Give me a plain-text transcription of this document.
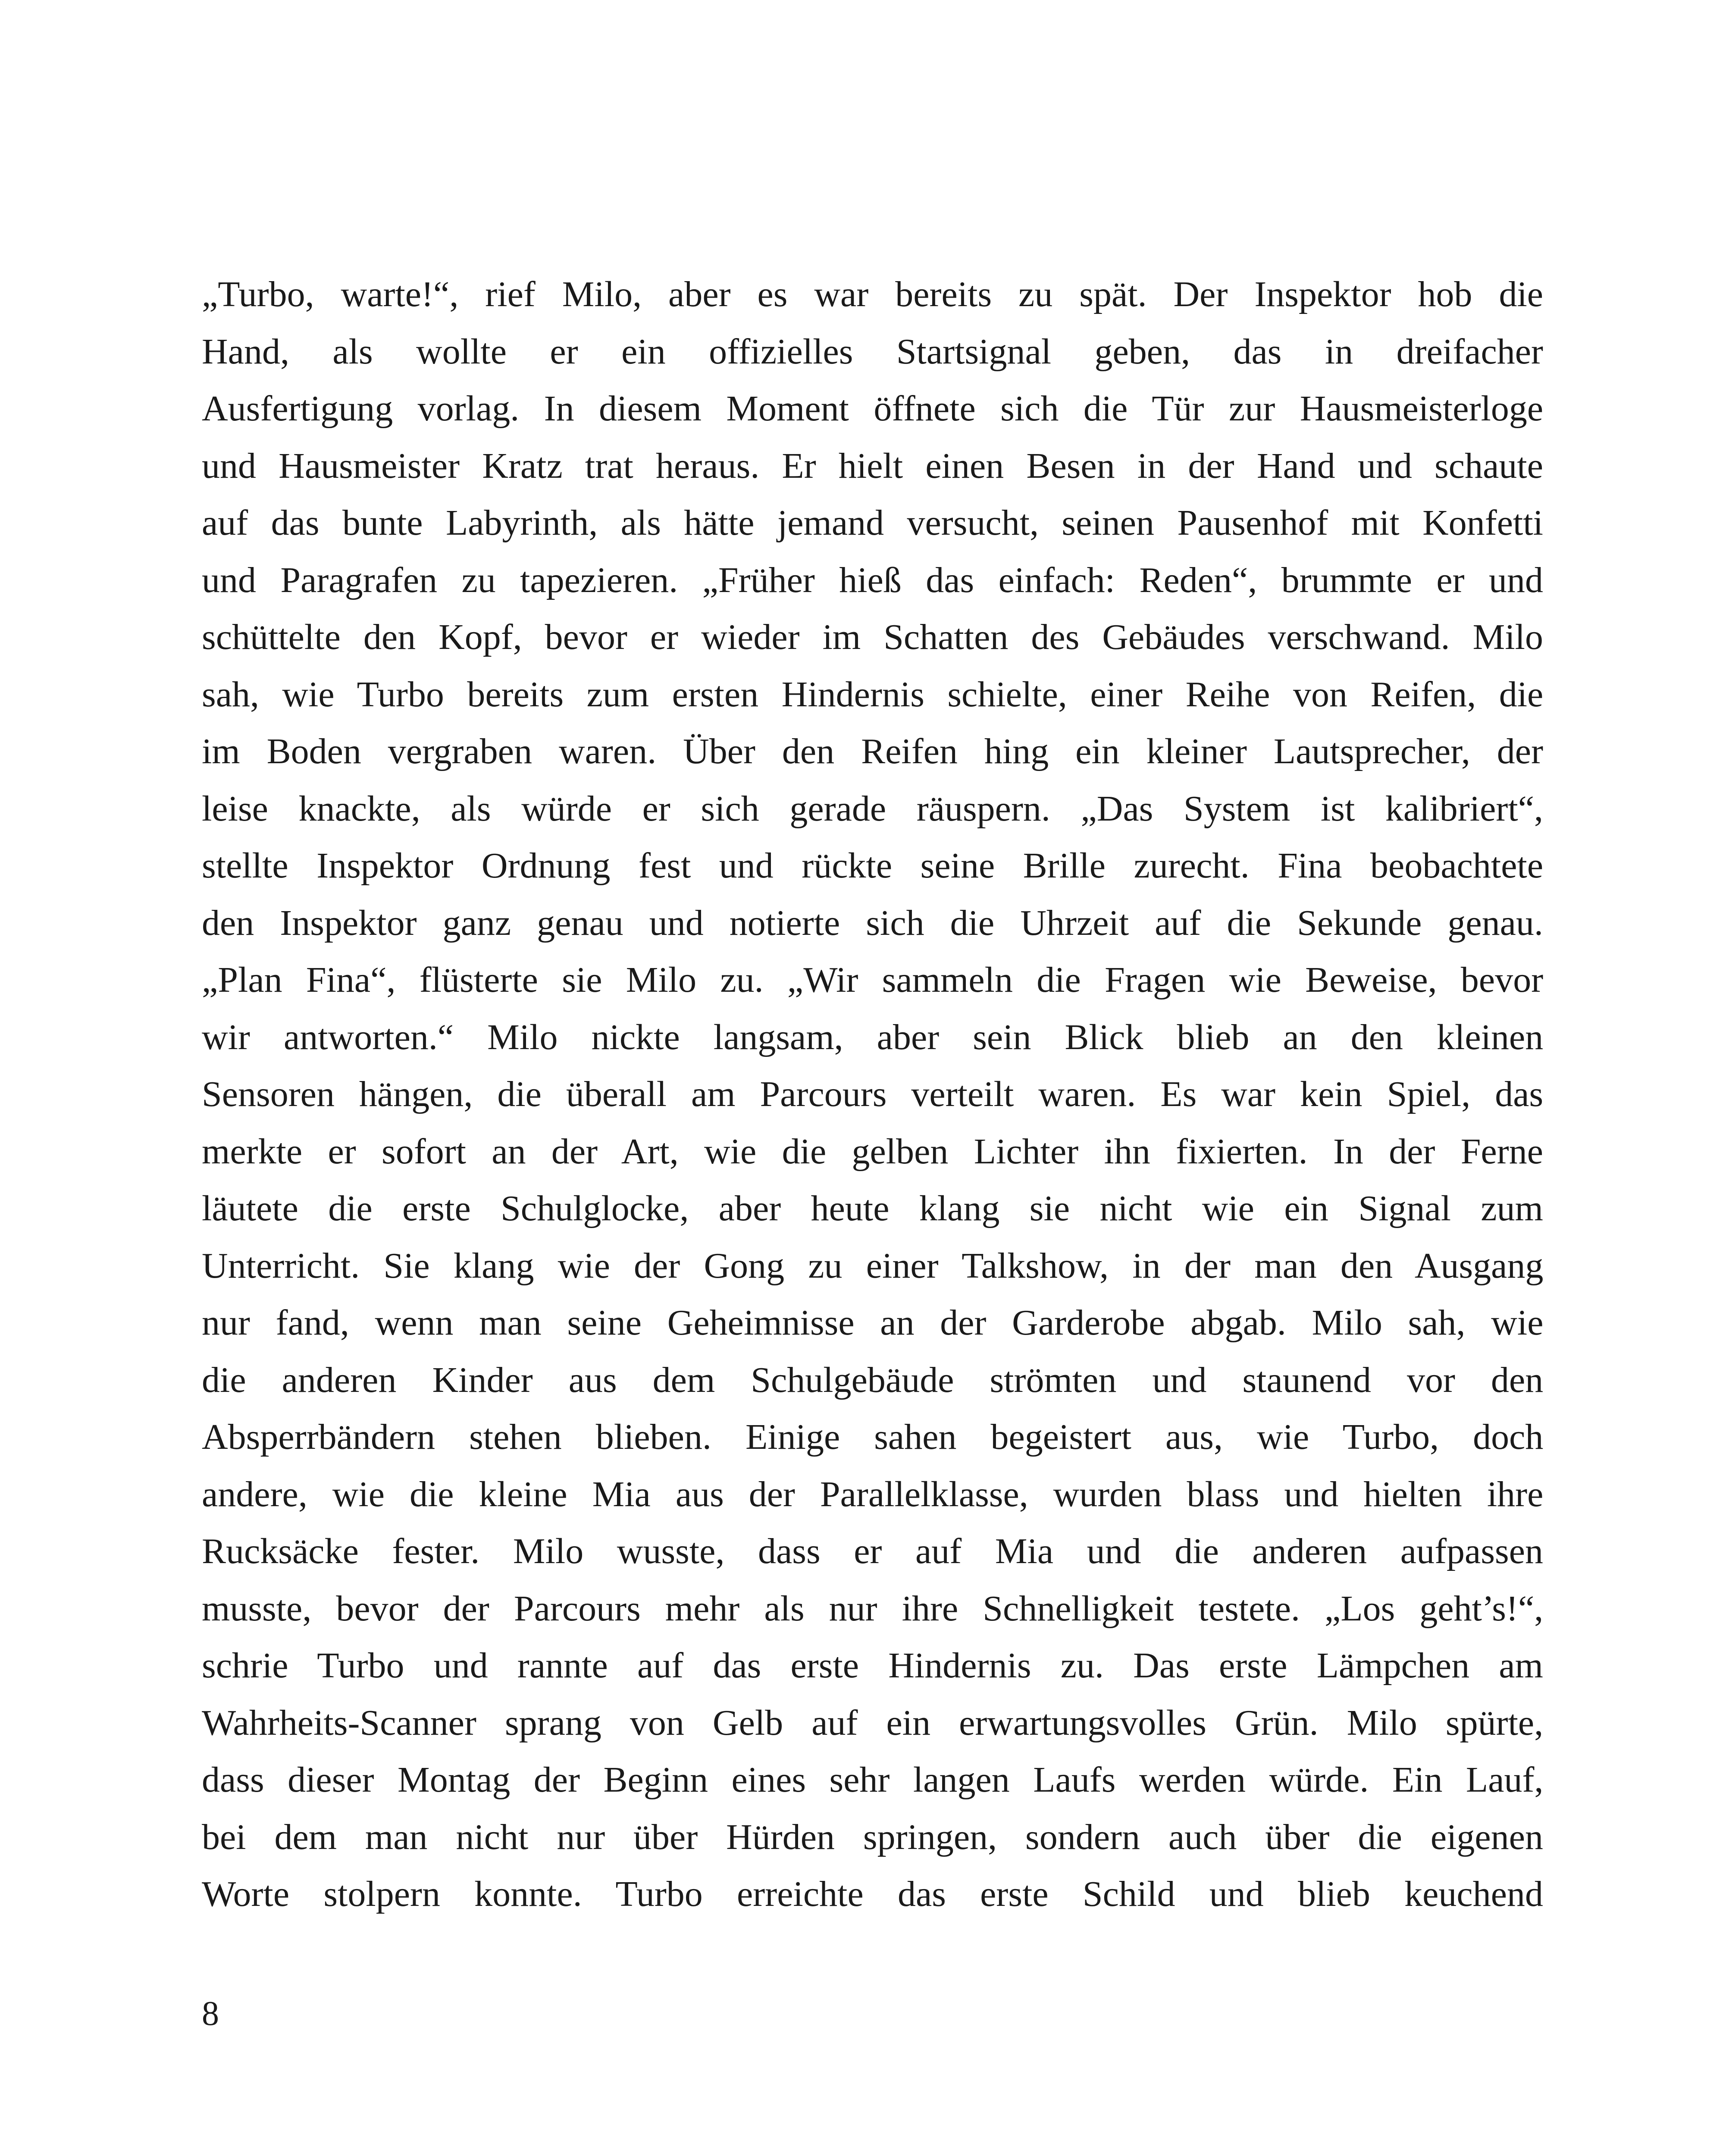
„Turbo, warte!“, rief Milo, aber es war bereits zu spät. Der Inspektor hob die
Hand, als wollte er ein offizielles Startsignal geben, das in dreifacher
Ausfertigung vorlag. In diesem Moment öffnete sich die Tür zur Hausmeisterloge
und Hausmeister Kratz trat heraus. Er hielt einen Besen in der Hand und schaute
auf das bunte Labyrinth, als hätte jemand versucht, seinen Pausenhof mit Konfetti
und Paragrafen zu tapezieren. „Früher hieß das einfach: Reden“, brummte er und
schüttelte den Kopf, bevor er wieder im Schatten des Gebäudes verschwand. Milo
sah, wie Turbo bereits zum ersten Hindernis schielte, einer Reihe von Reifen, die
im Boden vergraben waren. Über den Reifen hing ein kleiner Lautsprecher, der
leise knackte, als würde er sich gerade räuspern. „Das System ist kalibriert“,
stellte Inspektor Ordnung fest und rückte seine Brille zurecht. Fina beobachtete
den Inspektor ganz genau und notierte sich die Uhrzeit auf die Sekunde genau.
„Plan Fina“, flüsterte sie Milo zu. „Wir sammeln die Fragen wie Beweise, bevor
wir antworten.“ Milo nickte langsam, aber sein Blick blieb an den kleinen
Sensoren hängen, die überall am Parcours verteilt waren. Es war kein Spiel, das
merkte er sofort an der Art, wie die gelben Lichter ihn fixierten. In der Ferne
läutete die erste Schulglocke, aber heute klang sie nicht wie ein Signal zum
Unterricht. Sie klang wie der Gong zu einer Talkshow, in der man den Ausgang
nur fand, wenn man seine Geheimnisse an der Garderobe abgab. Milo sah, wie
die anderen Kinder aus dem Schulgebäude strömten und staunend vor den
Absperrbändern stehen blieben. Einige sahen begeistert aus, wie Turbo, doch
andere, wie die kleine Mia aus der Parallelklasse, wurden blass und hielten ihre
Rucksäcke fester. Milo wusste, dass er auf Mia und die anderen aufpassen
musste, bevor der Parcours mehr als nur ihre Schnelligkeit testete. „Los geht’s!“,
schrie Turbo und rannte auf das erste Hindernis zu. Das erste Lämpchen am
Wahrheits-Scanner sprang von Gelb auf ein erwartungsvolles Grün. Milo spürte,
dass dieser Montag der Beginn eines sehr langen Laufs werden würde. Ein Lauf,
bei dem man nicht nur über Hürden springen, sondern auch über die eigenen
Worte stolpern konnte. Turbo erreichte das erste Schild und blieb keuchend
8
